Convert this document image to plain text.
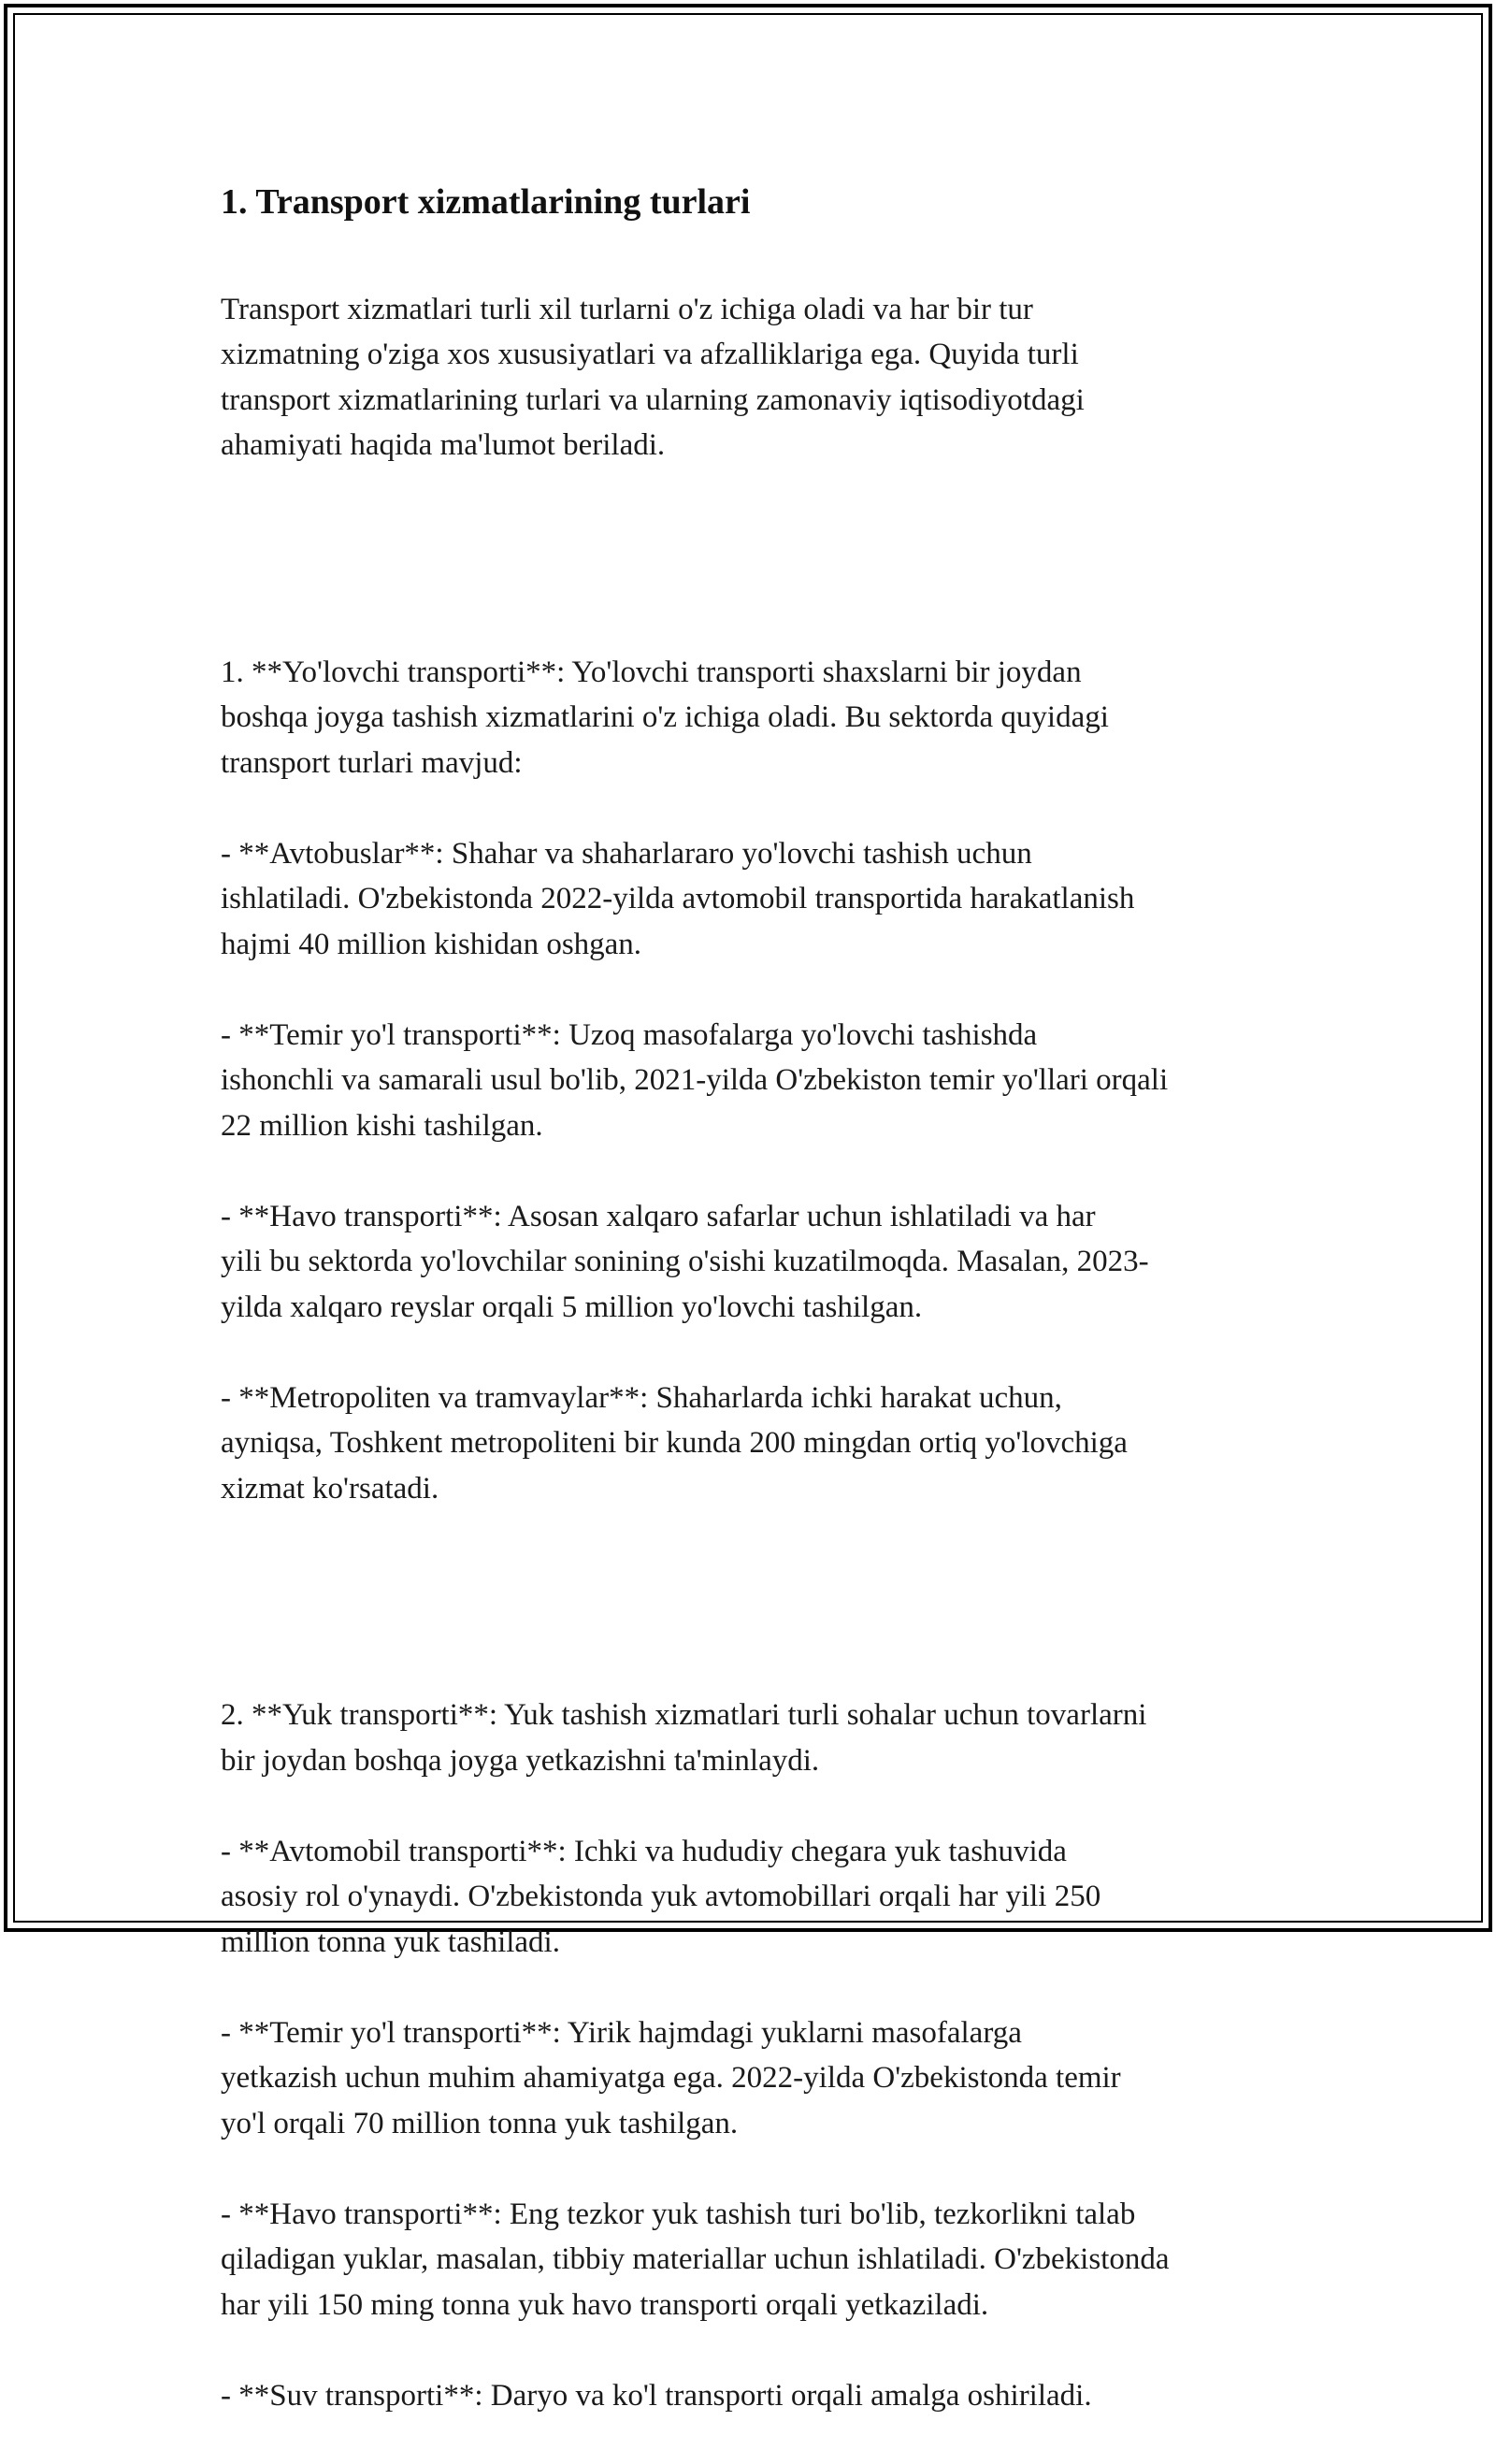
1. Transport xizmatlarining turlari

Transport xizmatlari turli xil turlarni o'z ichiga oladi va har bir tur
xizmatning o'ziga xos xususiyatlari va afzalliklariga ega. Quyida turli
transport xizmatlarining turlari va ularning zamonaviy iqtisodiyotdagi
ahamiyati haqida ma'lumot beriladi.

1. **Yo'lovchi transporti**: Yo'lovchi transporti shaxslarni bir joydan
boshqa joyga tashish xizmatlarini o'z ichiga oladi. Bu sektorda quyidagi
transport turlari mavjud:

- **Avtobuslar**: Shahar va shaharlararo yo'lovchi tashish uchun
ishlatiladi. O'zbekistonda 2022-yilda avtomobil transportida harakatlanish
hajmi 40 million kishidan oshgan.

- **Temir yo'l transporti**: Uzoq masofalarga yo'lovchi tashishda
ishonchli va samarali usul bo'lib, 2021-yilda O'zbekiston temir yo'llari orqali
22 million kishi tashilgan.

- **Havo transporti**: Asosan xalqaro safarlar uchun ishlatiladi va har
yili bu sektorda yo'lovchilar sonining o'sishi kuzatilmoqda. Masalan, 2023-
yilda xalqaro reyslar orqali 5 million yo'lovchi tashilgan.

- **Metropoliten va tramvaylar**: Shaharlarda ichki harakat uchun,
ayniqsa, Toshkent metropoliteni bir kunda 200 mingdan ortiq yo'lovchiga
xizmat ko'rsatadi.

2. **Yuk transporti**: Yuk tashish xizmatlari turli sohalar uchun tovarlarni
bir joydan boshqa joyga yetkazishni ta'minlaydi.

- **Avtomobil transporti**: Ichki va hududiy chegara yuk tashuvida
asosiy rol o'ynaydi. O'zbekistonda yuk avtomobillari orqali har yili 250
million tonna yuk tashiladi.

- **Temir yo'l transporti**: Yirik hajmdagi yuklarni masofalarga
yetkazish uchun muhim ahamiyatga ega. 2022-yilda O'zbekistonda temir
yo'l orqali 70 million tonna yuk tashilgan.

- **Havo transporti**: Eng tezkor yuk tashish turi bo'lib, tezkorlikni talab
qiladigan yuklar, masalan, tibbiy materiallar uchun ishlatiladi. O'zbekistonda
har yili 150 ming tonna yuk havo transporti orqali yetkaziladi.

- **Suv transporti**: Daryo va ko'l transporti orqali amalga oshiriladi.
